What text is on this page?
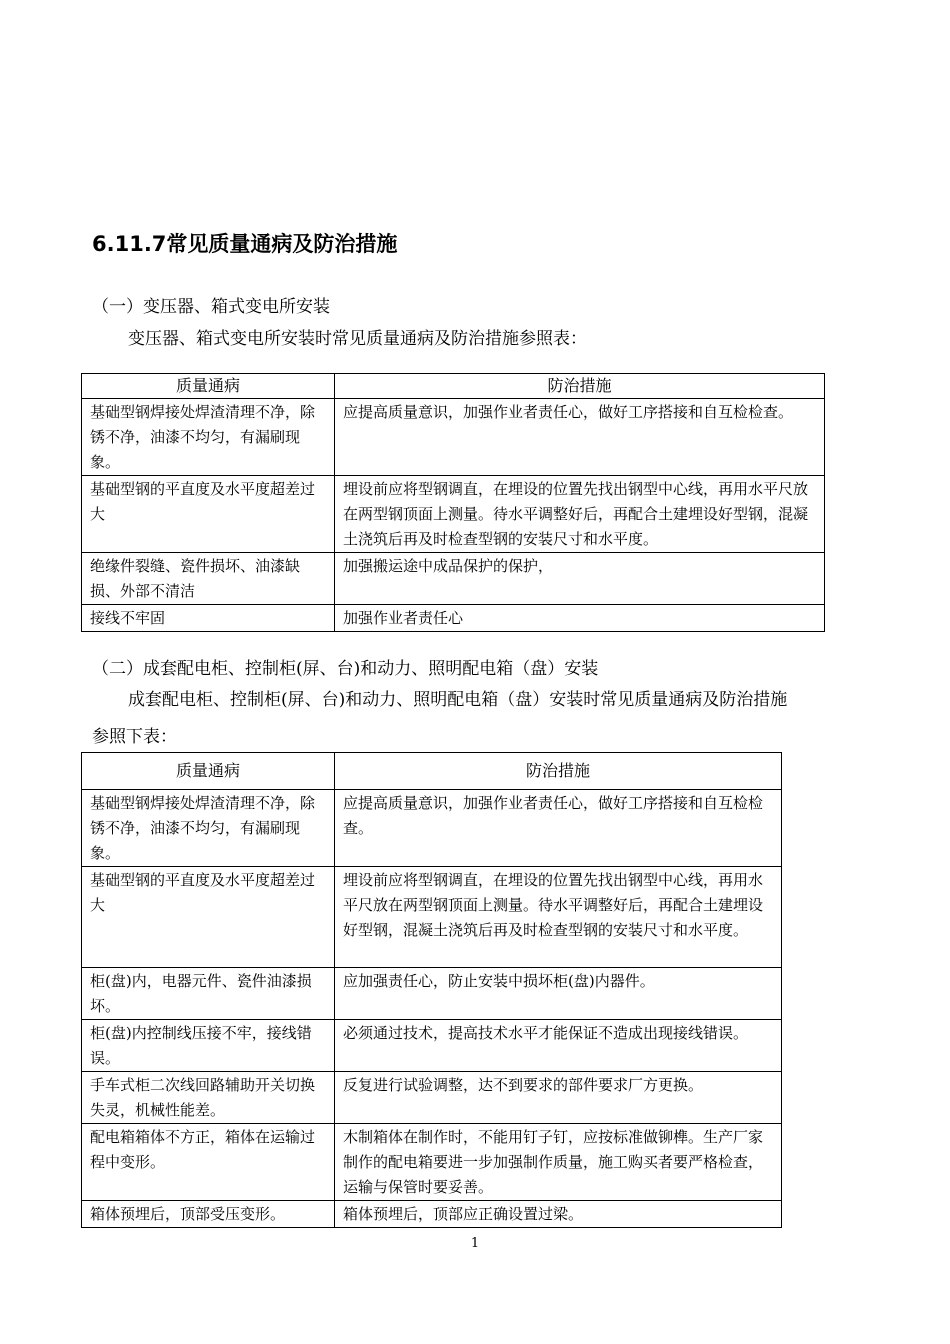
6.11.7常见质量通病及防治措施
（一）变压器、箱式变电所安装
变压器、箱式变电所安装时常见质量通病及防治措施参照表：
质量通病	防治措施
基础型钢焊接处焊渣清理不净，除锈不净，油漆不均匀，有漏刷现象。	应提高质量意识，加强作业者责任心，做好工序搭接和自互检检查。
基础型钢的平直度及水平度超差过大	埋设前应将型钢调直，在埋设的位置先找出钢型中心线，再用水平尺放在两型钢顶面上测量。待水平调整好后，再配合土建埋设好型钢，混凝土浇筑后再及时检查型钢的安装尺寸和水平度。
绝缘件裂缝、瓷件损坏、油漆缺损、外部不清洁	加强搬运途中成品保护的保护，
接线不牢固	加强作业者责任心
（二）成套配电柜、控制柜(屏、台)和动力、照明配电箱（盘）安装
成套配电柜、控制柜(屏、台)和动力、照明配电箱（盘）安装时常见质量通病及防治措施
参照下表：
质量通病	防治措施
基础型钢焊接处焊渣清理不净，除锈不净，油漆不均匀，有漏刷现象。	应提高质量意识，加强作业者责任心，做好工序搭接和自互检检查。
基础型钢的平直度及水平度超差过大	埋设前应将型钢调直，在埋设的位置先找出钢型中心线，再用水平尺放在两型钢顶面上测量。待水平调整好后，再配合土建埋设好型钢，混凝土浇筑后再及时检查型钢的安装尺寸和水平度。
柜(盘)内，电器元件、瓷件油漆损坏。	应加强责任心，防止安装中损坏柜(盘)内器件。
柜(盘)内控制线压接不牢，接线错误。	必须通过技术，提高技术水平才能保证不造成出现接线错误。
手车式柜二次线回路辅助开关切换失灵，机械性能差。	反复进行试验调整，达不到要求的部件要求厂方更换。
配电箱箱体不方正，箱体在运输过程中变形。	木制箱体在制作时，不能用钉子钉，应按标准做铆榫。生产厂家制作的配电箱要进一步加强制作质量，施工购买者要严格检查，运输与保管时要妥善。
箱体预埋后，顶部受压变形。	箱体预埋后，顶部应正确设置过梁。
1
